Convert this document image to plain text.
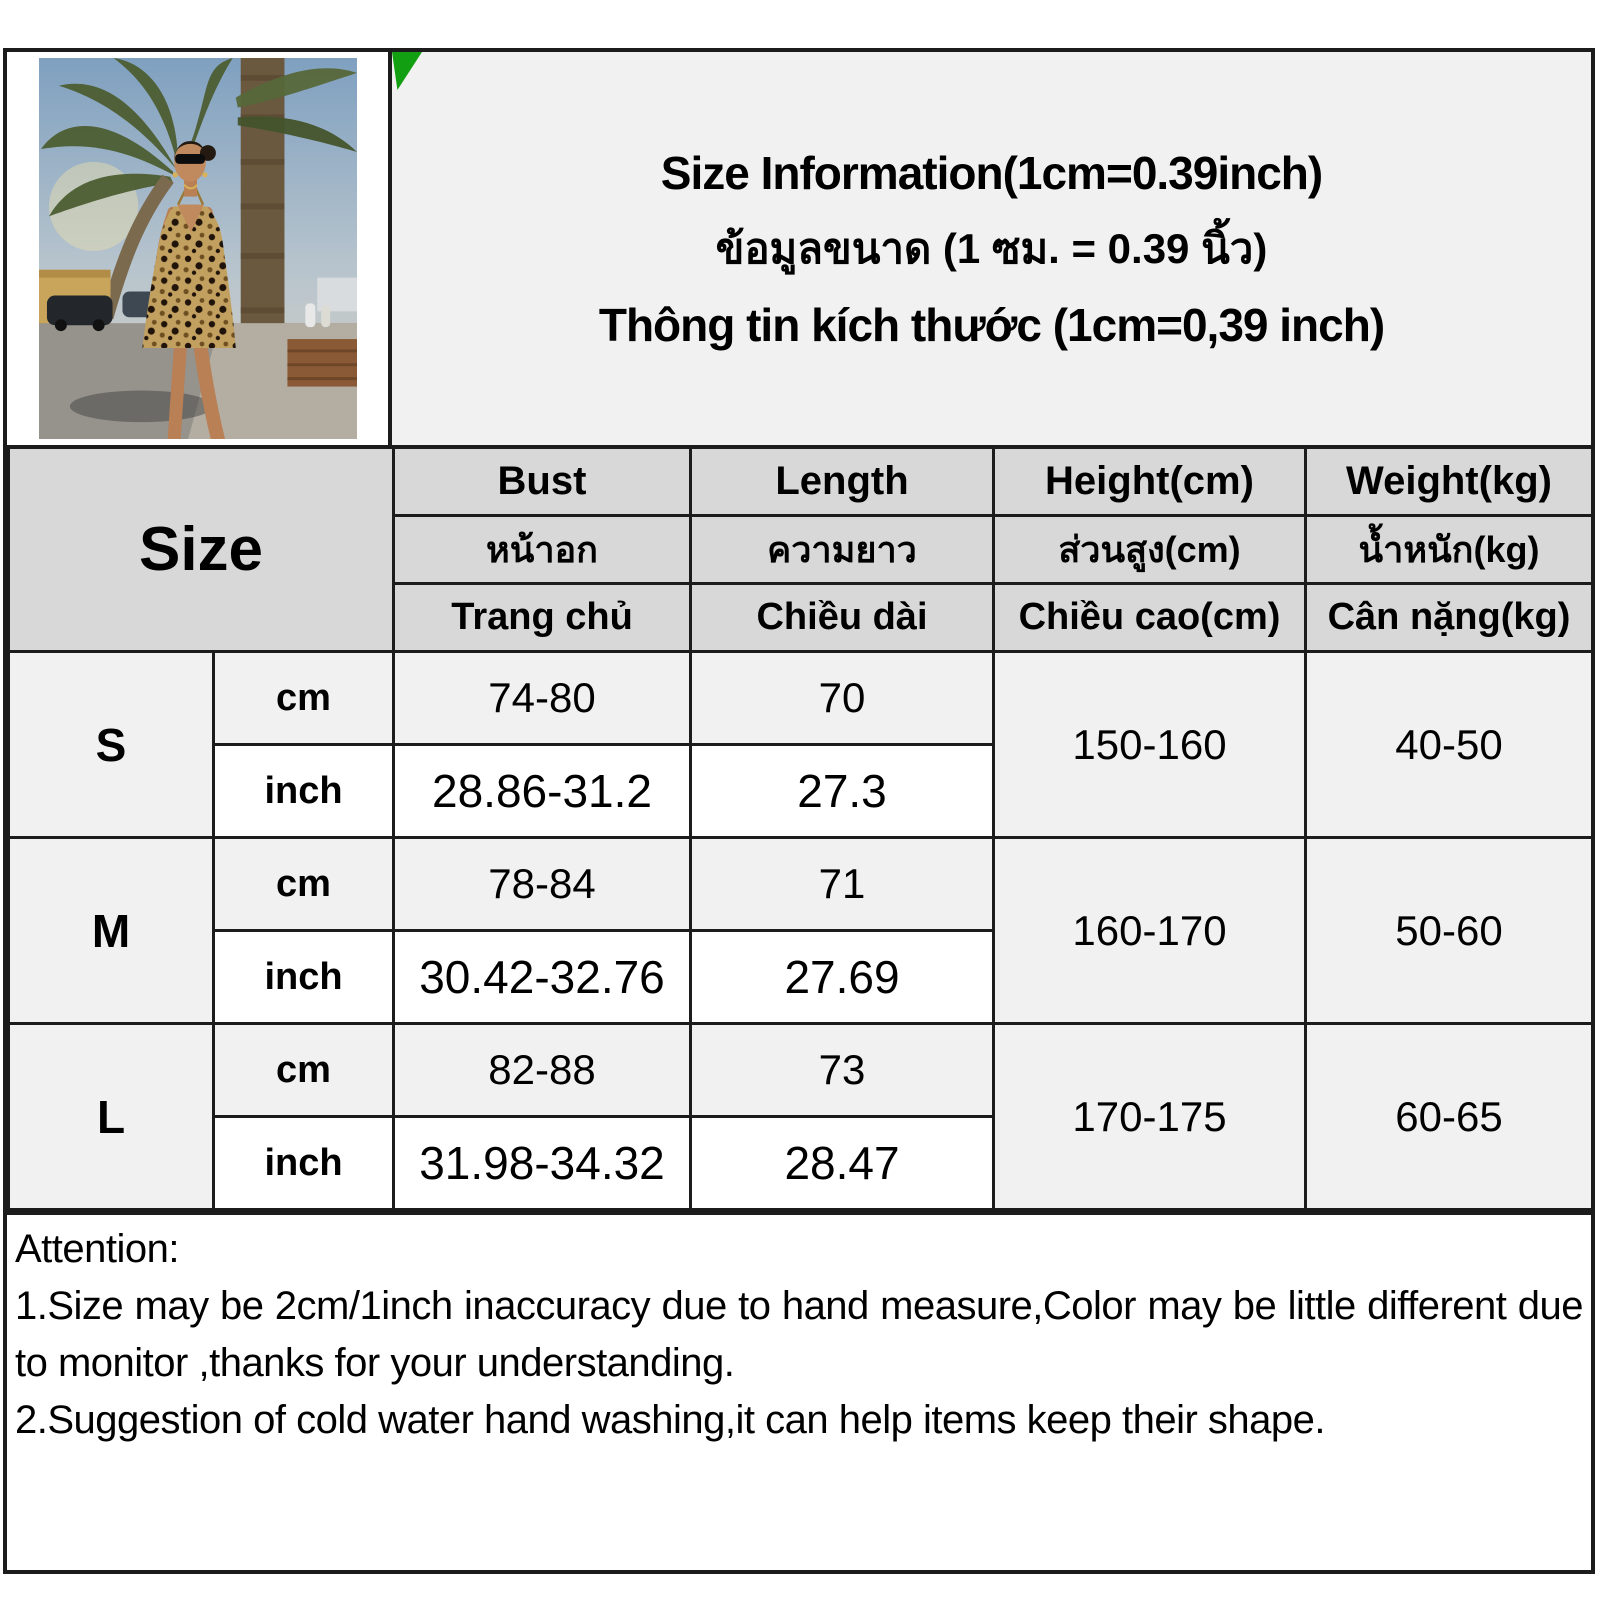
Size Information(1cm=0.39inch)
ข้อมูลขนาด (1 ซม. = 0.39 นิ้ว)
Thông tin kích thước (1cm=0,39 inch)
Size		Bust	Length	Height(cm)	Weight(kg)
		หน้าอก	ความยาว	ส่วนสูง(cm)	น้ำหนัก(kg)
		Trang chủ	Chiều dài	Chiều cao(cm)	Cân nặng(kg)
S	cm	74-80	70	150-160	40-50
	inch	28.86-31.2	27.3		
M	cm	78-84	71	160-170	50-60
	inch	30.42-32.76	27.69		
L	cm	82-88	73	170-175	60-65
	inch	31.98-34.32	28.47		
Attention:
1.Size may be 2cm/1inch inaccuracy due to hand measure,Color may be little different due to monitor ,thanks for your understanding.
2.Suggestion of cold water hand washing,it can help items keep their shape.
